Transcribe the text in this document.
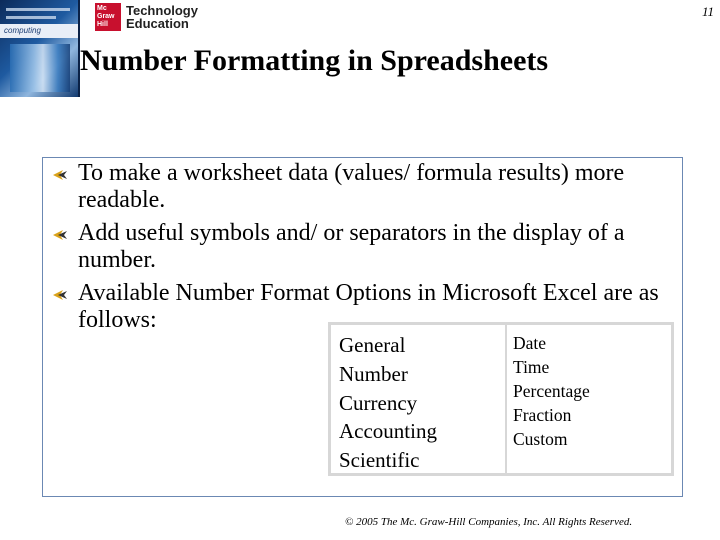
computing
Mc
Graw
Hill
Technology
Education
11
Number Formatting in Spreadsheets
To make a worksheet data (values/ formula results) more readable.
Add useful symbols and/ or separators in the display of a number.
Available Number Format Options in Microsoft Excel are as follows:
General
Number
Currency
Accounting
Scientific
Date
Time
Percentage
Fraction
Custom
© 2005 The Mc. Graw-Hill Companies, Inc. All Rights Reserved.
